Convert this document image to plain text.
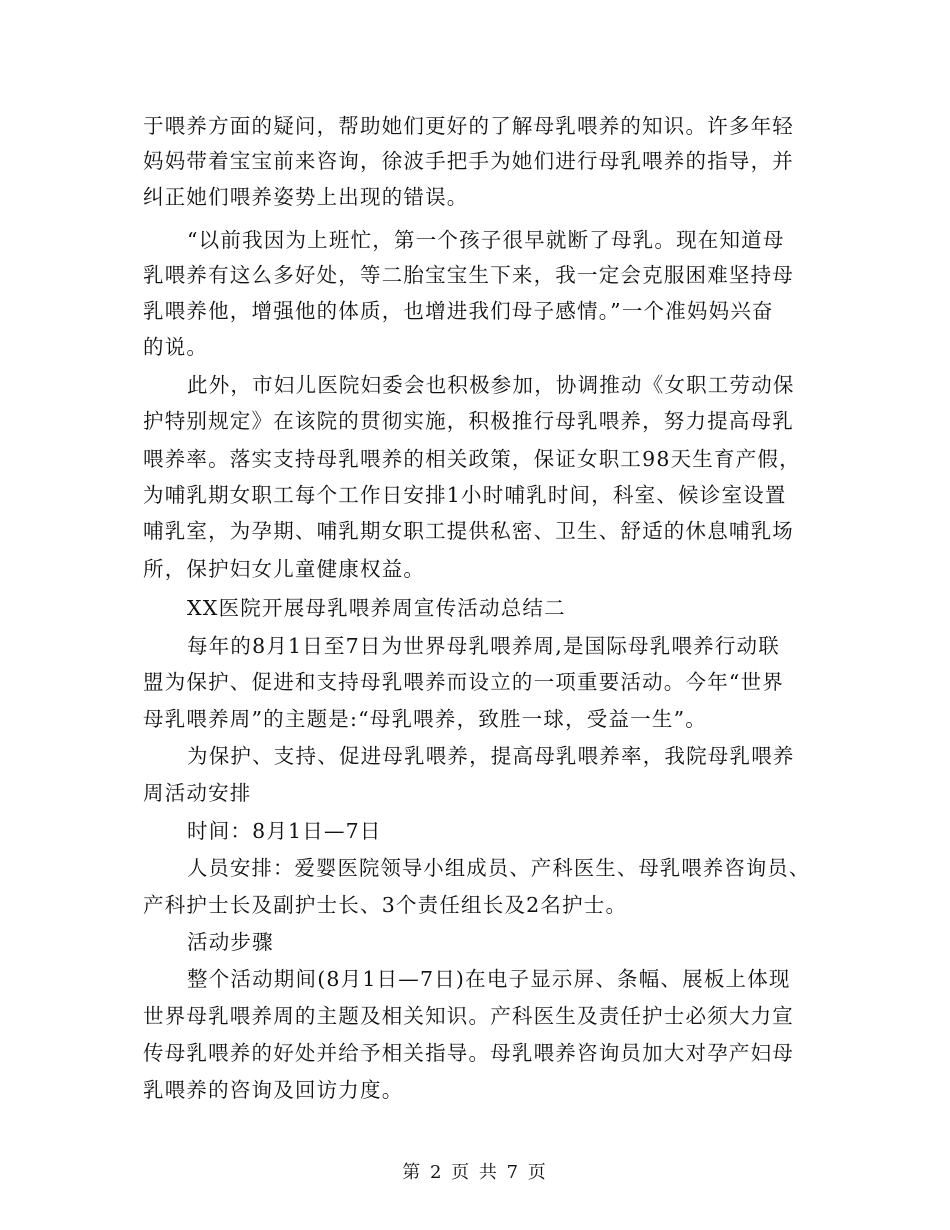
于喂养方面的疑问，帮助她们更好的了解母乳喂养的知识。许多年轻
妈妈带着宝宝前来咨询，徐波手把手为她们进行母乳喂养的指导，并
纠正她们喂养姿势上出现的错误。
“以前我因为上班忙，第一个孩子很早就断了母乳。现在知道母
乳喂养有这么多好处，等二胎宝宝生下来，我一定会克服困难坚持母
乳喂养他，增强他的体质，也增进我们母子感情。”一个准妈妈兴奋
的说。
此外，市妇儿医院妇委会也积极参加，协调推动《女职工劳动保
护特别规定》在该院的贯彻实施，积极推行母乳喂养，努力提高母乳
喂养率。落实支持母乳喂养的相关政策，保证女职工98天生育产假，
为哺乳期女职工每个工作日安排1小时哺乳时间，科室、候诊室设置
哺乳室，为孕期、哺乳期女职工提供私密、卫生、舒适的休息哺乳场
所，保护妇女儿童健康权益。
XX医院开展母乳喂养周宣传活动总结二
每年的8月1日至7日为世界母乳喂养周,是国际母乳喂养行动联
盟为保护、促进和支持母乳喂养而设立的一项重要活动。今年“世界
母乳喂养周”的主题是:“母乳喂养，致胜一球，受益一生”。
为保护、支持、促进母乳喂养，提高母乳喂养率，我院母乳喂养
周活动安排
时间：8月1日—7日
人员安排：爱婴医院领导小组成员、产科医生、母乳喂养咨询员、
产科护士长及副护士长、3个责任组长及2名护士。
活动步骤
整个活动期间(8月1日—7日)在电子显示屏、条幅、展板上体现
世界母乳喂养周的主题及相关知识。产科医生及责任护士必须大力宣
传母乳喂养的好处并给予相关指导。母乳喂养咨询员加大对孕产妇母
乳喂养的咨询及回访力度。
第 2 页 共 7 页
